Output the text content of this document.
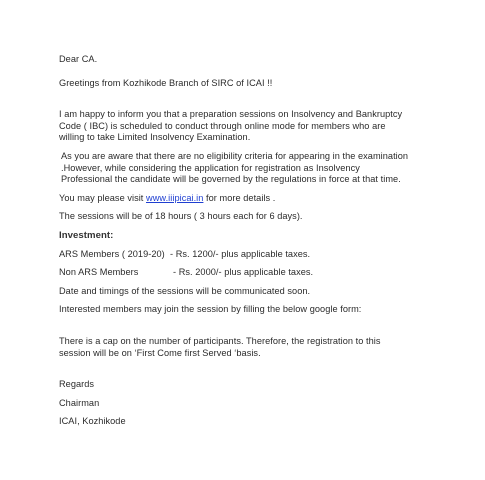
Dear CA.

Greetings from Kozhikode Branch of SIRC of ICAI !!

I am happy to inform you that a preparation sessions on Insolvency and Bankruptcy

Code ( IBC) is scheduled to conduct through online mode for members who are

willing to take Limited Insolvency Examination.

As you are aware that there are no eligibility criteria for appearing in the examination

.However, while considering the application for registration as Insolvency

Professional the candidate will be governed by the regulations in force at that time.

You may please visit www.iiipicai.in for more details .

The sessions will be of 18 hours ( 3 hours each for 6 days).

Investment:

ARS Members ( 2019-20) - Rs. 1200/- plus applicable taxes.

Non ARS Members	- Rs. 2000/- plus applicable taxes.

Date and timings of the sessions will be communicated soon.

Interested members may join the session by filling the below google form:

There is a cap on the number of participants. Therefore, the registration to this

session will be on ‘First Come first Served ‘basis.

Regards

Chairman

ICAI, Kozhikode
